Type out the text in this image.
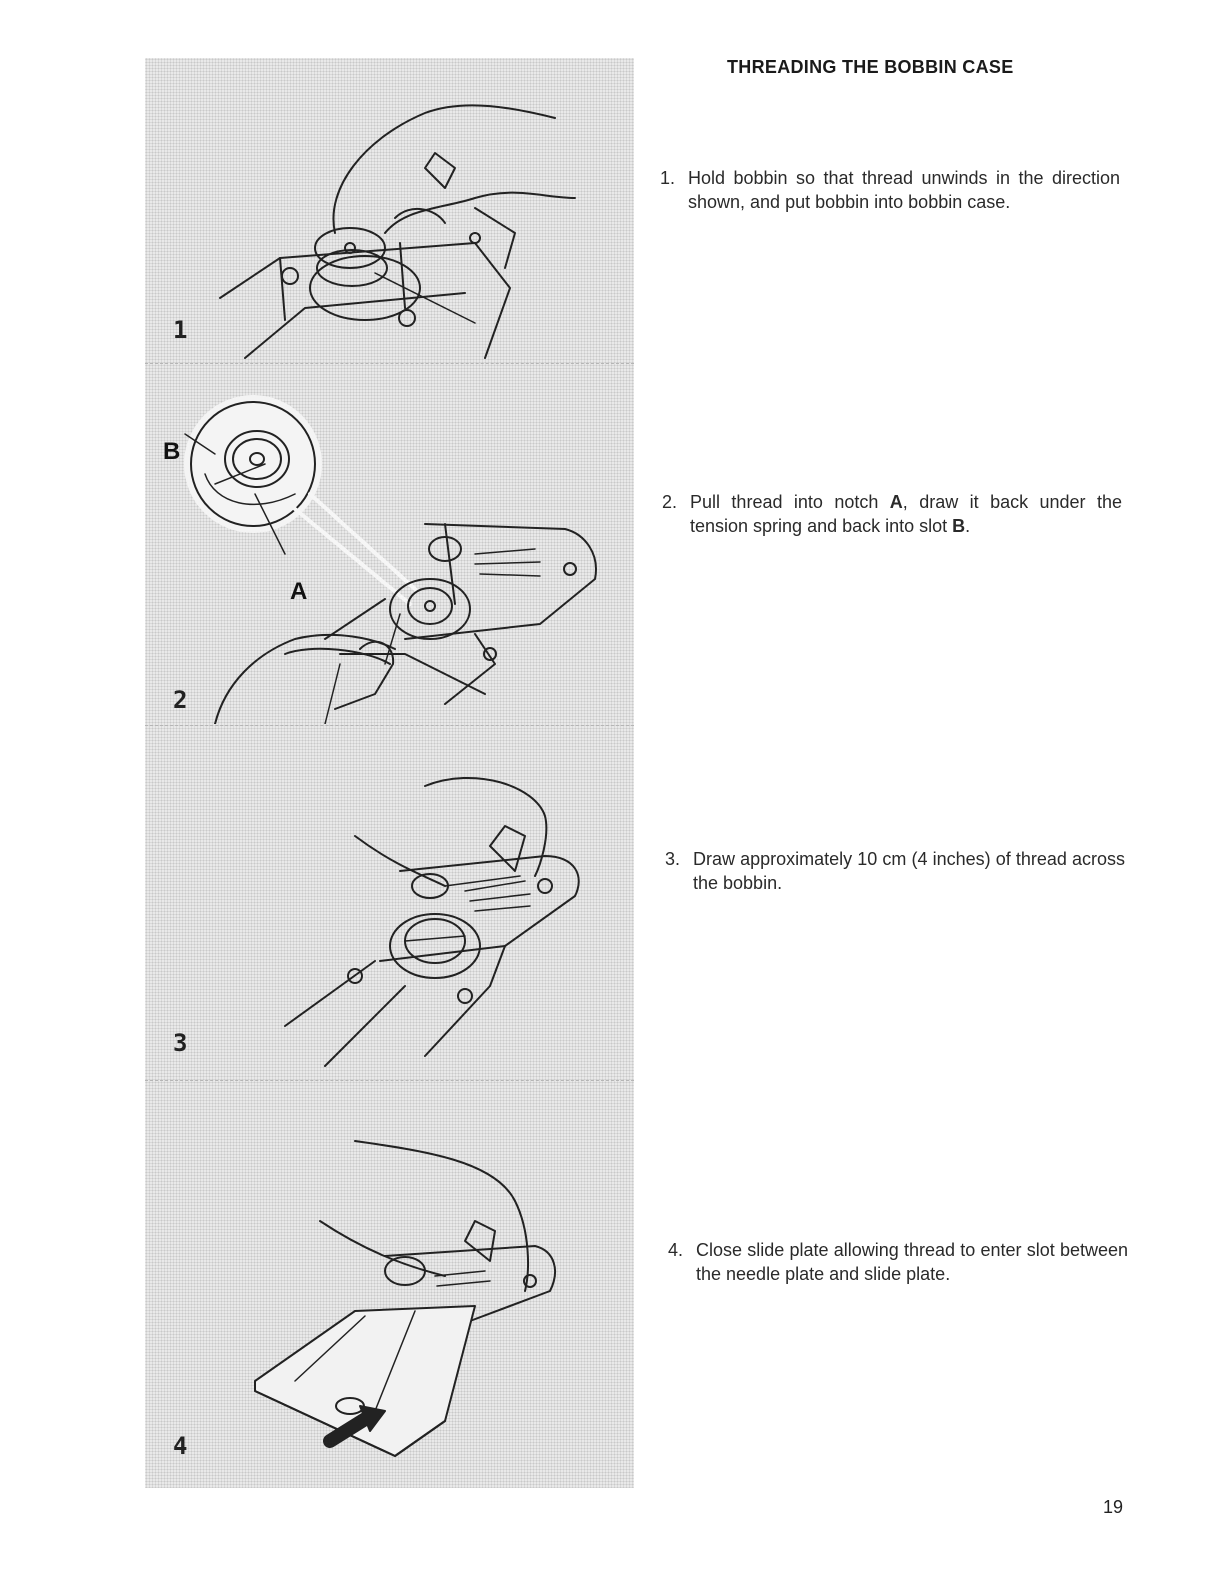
1
B
A
2
3
4
THREADING THE BOBBIN CASE
1. Hold bobbin so that thread unwinds in the direction shown, and put bobbin into bobbin case.
2. Pull thread into notch A, draw it back under the tension spring and back into slot B.
3. Draw approximately 10 cm (4 inches) of thread across the bobbin.
4. Close slide plate allowing thread to enter slot between the needle plate and slide plate.
19
